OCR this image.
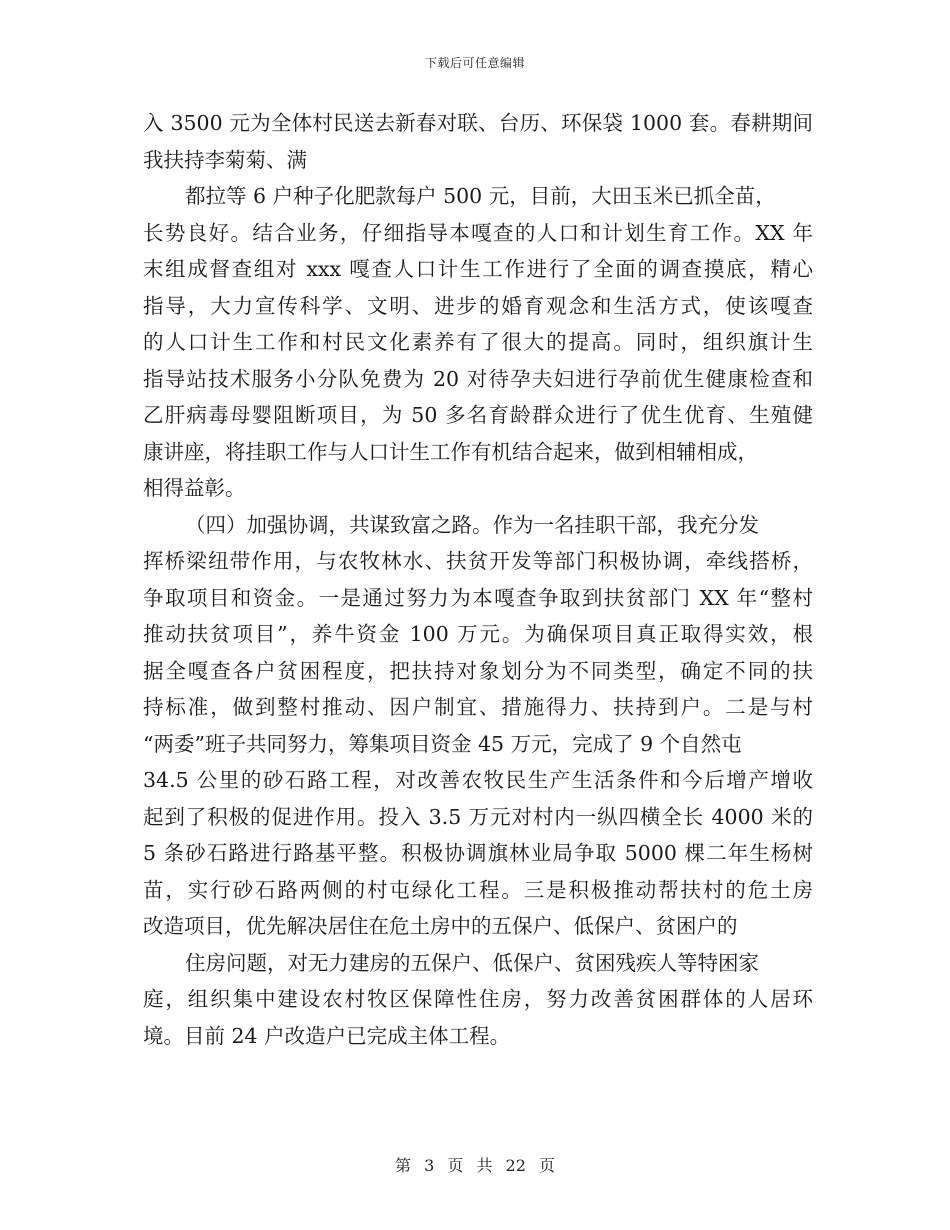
下载后可任意编辑
入 3500 元为全体村民送去新春对联、台历、环保袋 1000 套。春耕期间
我扶持李菊菊、满
都拉等 6 户种子化肥款每户 500 元，目前，大田玉米已抓全苗，
长势良好。结合业务，仔细指导本嘎查的人口和计划生育工作。XX 年
末组成督查组对 xxx 嘎查人口计生工作进行了全面的调查摸底，精心
指导，大力宣传科学、文明、进步的婚育观念和生活方式，使该嘎查
的人口计生工作和村民文化素养有了很大的提高。同时，组织旗计生
指导站技术服务小分队免费为 20 对待孕夫妇进行孕前优生健康检查和
乙肝病毒母婴阻断项目，为 50 多名育龄群众进行了优生优育、生殖健
康讲座，将挂职工作与人口计生工作有机结合起来，做到相辅相成，
相得益彰。
（四）加强协调，共谋致富之路。作为一名挂职干部，我充分发
挥桥梁纽带作用，与农牧林水、扶贫开发等部门积极协调，牵线搭桥，
争取项目和资金。一是通过努力为本嘎查争取到扶贫部门 XX 年“整村
推动扶贫项目”，养牛资金 100 万元。为确保项目真正取得实效，根
据全嘎查各户贫困程度，把扶持对象划分为不同类型，确定不同的扶
持标准，做到整村推动、因户制宜、措施得力、扶持到户。二是与村
“两委”班子共同努力，筹集项目资金 45 万元，完成了 9 个自然屯
34.5 公里的砂石路工程，对改善农牧民生产生活条件和今后增产增收
起到了积极的促进作用。投入 3.5 万元对村内一纵四横全长 4000 米的
5 条砂石路进行路基平整。积极协调旗林业局争取 5000 棵二年生杨树
苗，实行砂石路两侧的村屯绿化工程。三是积极推动帮扶村的危土房
改造项目，优先解决居住在危土房中的五保户、低保户、贫困户的
住房问题，对无力建房的五保户、低保户、贫困残疾人等特困家
庭，组织集中建设农村牧区保障性住房，努力改善贫困群体的人居环
境。目前 24 户改造户已完成主体工程。
第 3 页 共 22 页
